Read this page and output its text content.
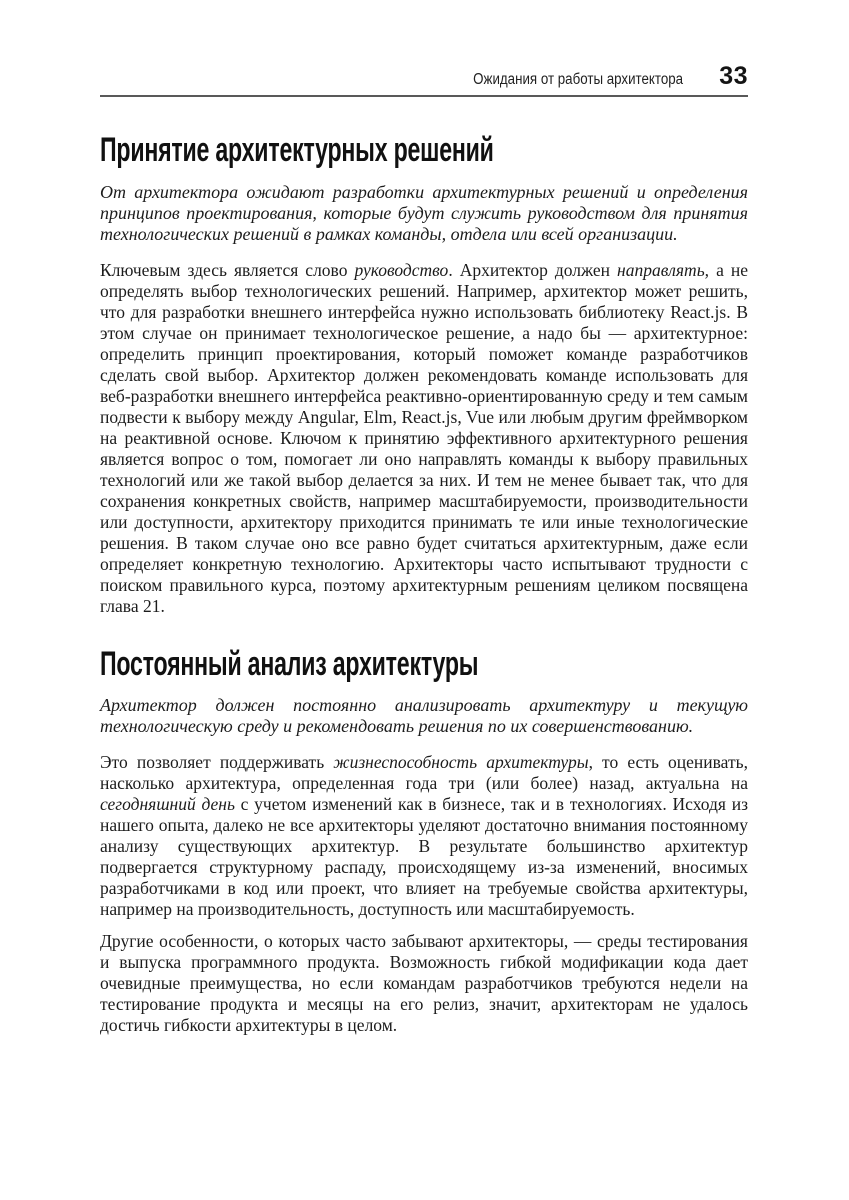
Ожидания от работы архитектора 33
Принятие архитектурных решений

От архитектора ожидают разработки архитектурных решений и определения принципов проектирования, которые будут служить руководством для принятия технологических решений в рамках команды, отдела или всей организации.

Ключевым здесь является слово руководство. Архитектор должен направлять, а не определять выбор технологических решений. Например, архитектор может решить, что для разработки внешнего интерфейса нужно использовать библиотеку React.js. В этом случае он принимает технологическое решение, а надо бы — архитектурное: определить принцип проектирования, который поможет команде разработчиков сделать свой выбор. Архитектор должен рекомендовать команде использовать для веб-разработки внешнего интерфейса реактивно-ориентированную среду и тем самым подвести к выбору между Angular, Elm, React.js, Vue или любым другим фреймворком на реактивной основе. Ключом к принятию эффективного архитектурного решения является вопрос о том, помогает ли оно направлять команды к выбору правильных технологий или же такой выбор делается за них. И тем не менее бывает так, что для сохранения конкретных свойств, например масштабируемости, производительности или доступности, архитектору приходится принимать те или иные технологические решения. В таком случае оно все равно будет считаться архитектурным, даже если определяет конкретную технологию. Архитекторы часто испытывают трудности с поиском правильного курса, поэтому архитектурным решениям целиком посвящена глава 21.

Постоянный анализ архитектуры

Архитектор должен постоянно анализировать архитектуру и текущую технологическую среду и рекомендовать решения по их совершенствованию.

Это позволяет поддерживать жизнеспособность архитектуры, то есть оценивать, насколько архитектура, определенная года три (или более) назад, актуальна на сегодняшний день с учетом изменений как в бизнесе, так и в технологиях. Исходя из нашего опыта, далеко не все архитекторы уделяют достаточно внимания постоянному анализу существующих архитектур. В результате большинство архитектур подвергается структурному распаду, происходящему из-за изменений, вносимых разработчиками в код или проект, что влияет на требуемые свойства архитектуры, например на производительность, доступность или масштабируемость.

Другие особенности, о которых часто забывают архитекторы, — среды тестирования и выпуска программного продукта. Возможность гибкой модификации кода дает очевидные преимущества, но если командам разработчиков требуются недели на тестирование продукта и месяцы на его релиз, значит, архитекторам не удалось достичь гибкости архитектуры в целом.
